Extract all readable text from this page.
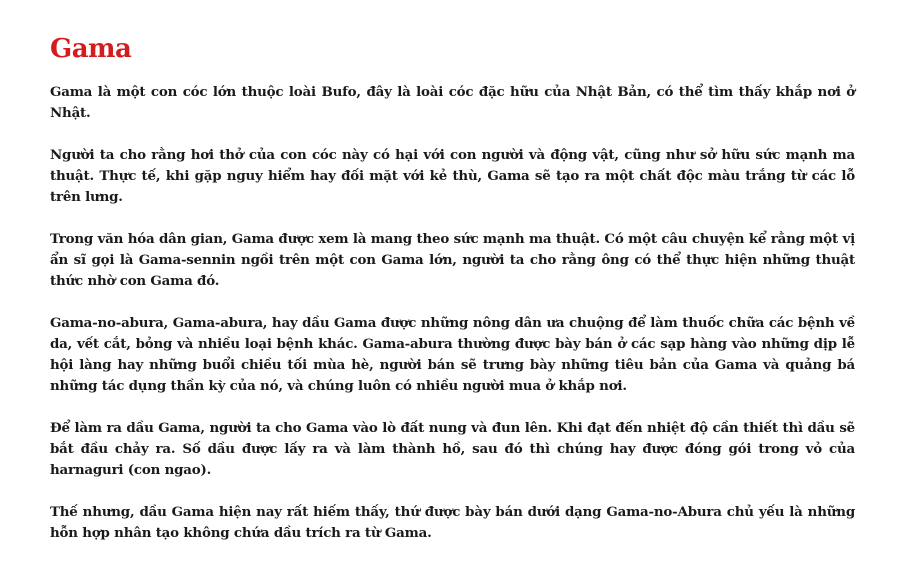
Gama

Gama là một con cóc lớn thuộc loài Bufo, đây là loài cóc đặc hữu của Nhật Bản, có thể tìm thấy khắp nơi ở Nhật.

Người ta cho rằng hơi thở của con cóc này có hại với con người và động vật, cũng như sở hữu sức mạnh ma thuật. Thực tế, khi gặp nguy hiểm hay đối mặt với kẻ thù, Gama sẽ tạo ra một chất độc màu trắng từ các lỗ trên lưng.

Trong văn hóa dân gian, Gama được xem là mang theo sức mạnh ma thuật. Có một câu chuyện kể rằng một vị ẩn sĩ gọi là Gama-sennin ngồi trên một con Gama lớn, người ta cho rằng ông có thể thực hiện những thuật thức nhờ con Gama đó.

Gama-no-abura, Gama-abura, hay dầu Gama được những nông dân ưa chuộng để làm thuốc chữa các bệnh về da, vết cắt, bỏng và nhiều loại bệnh khác. Gama-abura thường được bày bán ở các sạp hàng vào những dịp lễ hội làng hay những buổi chiều tối mùa hè, người bán sẽ trưng bày những tiêu bản của Gama và quảng bá những tác dụng thần kỳ của nó, và chúng luôn có nhiều người mua ở khắp nơi.

Để làm ra dầu Gama, người ta cho Gama vào lò đất nung và đun lên. Khi đạt đến nhiệt độ cần thiết thì dầu sẽ bắt đầu chảy ra. Số dầu được lấy ra và làm thành hồ, sau đó thì chúng hay được đóng gói trong vỏ của harnaguri (con ngao).

Thế nhưng, dầu Gama hiện nay rất hiếm thấy, thứ được bày bán dưới dạng Gama-no-Abura chủ yếu là những hỗn hợp nhân tạo không chứa dầu trích ra từ Gama.
